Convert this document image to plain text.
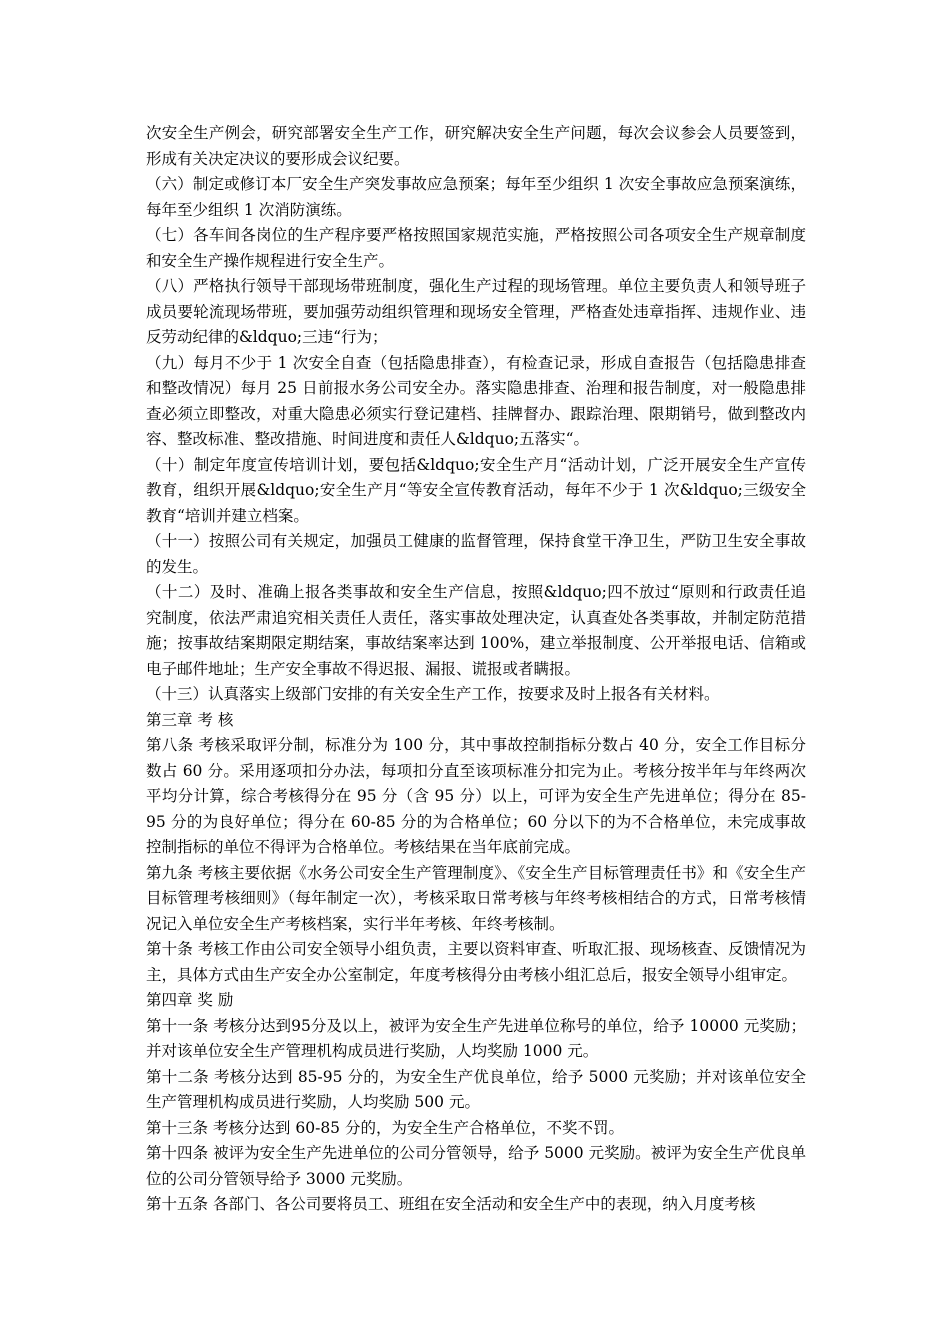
次安全生产例会，研究部署安全生产工作，研究解决安全生产问题，每次会议参会人员要签到，形成有关决定决议的要形成会议纪要。

（六）制定或修订本厂安全生产突发事故应急预案；每年至少组织 1 次安全事故应急预案演练，每年至少组织 1 次消防演练。

（七）各车间各岗位的生产程序要严格按照国家规范实施，严格按照公司各项安全生产规章制度和安全生产操作规程进行安全生产。

（八）严格执行领导干部现场带班制度，强化生产过程的现场管理。单位主要负责人和领导班子成员要轮流现场带班，要加强劳动组织管理和现场安全管理，严格查处违章指挥、违规作业、违反劳动纪律的&ldquo;三违“行为；

（九）每月不少于 1 次安全自查（包括隐患排查），有检查记录，形成自查报告（包括隐患排查和整改情况）每月 25 日前报水务公司安全办。落实隐患排查、治理和报告制度，对一般隐患排查必须立即整改，对重大隐患必须实行登记建档、挂牌督办、跟踪治理、限期销号，做到整改内容、整改标准、整改措施、时间进度和责任人&ldquo;五落实“。

（十）制定年度宣传培训计划，要包括&ldquo;安全生产月“活动计划，广泛开展安全生产宣传教育，组织开展&ldquo;安全生产月“等安全宣传教育活动，每年不少于 1 次&ldquo;三级安全教育“培训并建立档案。

（十一）按照公司有关规定，加强员工健康的监督管理，保持食堂干净卫生，严防卫生安全事故的发生。

（十二）及时、准确上报各类事故和安全生产信息，按照&ldquo;四不放过“原则和行政责任追究制度，依法严肃追究相关责任人责任，落实事故处理决定，认真查处各类事故，并制定防范措施；按事故结案期限定期结案，事故结案率达到 100%，建立举报制度、公开举报电话、信箱或电子邮件地址；生产安全事故不得迟报、漏报、谎报或者瞒报。

（十三）认真落实上级部门安排的有关安全生产工作，按要求及时上报各有关材料。

第三章 考 核

第八条 考核采取评分制，标准分为 100 分，其中事故控制指标分数占 40 分，安全工作目标分数占 60 分。采用逐项扣分办法，每项扣分直至该项标准分扣完为止。考核分按半年与年终两次平均分计算，综合考核得分在 95 分（含 95 分）以上，可评为安全生产先进单位；得分在 85-95 分的为良好单位；得分在 60-85 分的为合格单位；60 分以下的为不合格单位，未完成事故控制指标的单位不得评为合格单位。考核结果在当年底前完成。

第九条 考核主要依据《水务公司安全生产管理制度》、《安全生产目标管理责任书》和《安全生产目标管理考核细则》（每年制定一次），考核采取日常考核与年终考核相结合的方式，日常考核情况记入单位安全生产考核档案，实行半年考核、年终考核制。

第十条 考核工作由公司安全领导小组负责，主要以资料审查、听取汇报、现场核查、反馈情况为主，具体方式由生产安全办公室制定，年度考核得分由考核小组汇总后，报安全领导小组审定。

第四章 奖 励

第十一条 考核分达到95分及以上，被评为安全生产先进单位称号的单位，给予 10000 元奖励；并对该单位安全生产管理机构成员进行奖励，人均奖励 1000 元。

第十二条 考核分达到 85-95 分的，为安全生产优良单位，给予 5000 元奖励；并对该单位安全生产管理机构成员进行奖励，人均奖励 500 元。

第十三条 考核分达到 60-85 分的，为安全生产合格单位，不奖不罚。

第十四条 被评为安全生产先进单位的公司分管领导，给予 5000 元奖励。被评为安全生产优良单位的公司分管领导给予 3000 元奖励。

第十五条 各部门、各公司要将员工、班组在安全活动和安全生产中的表现，纳入月度考核
